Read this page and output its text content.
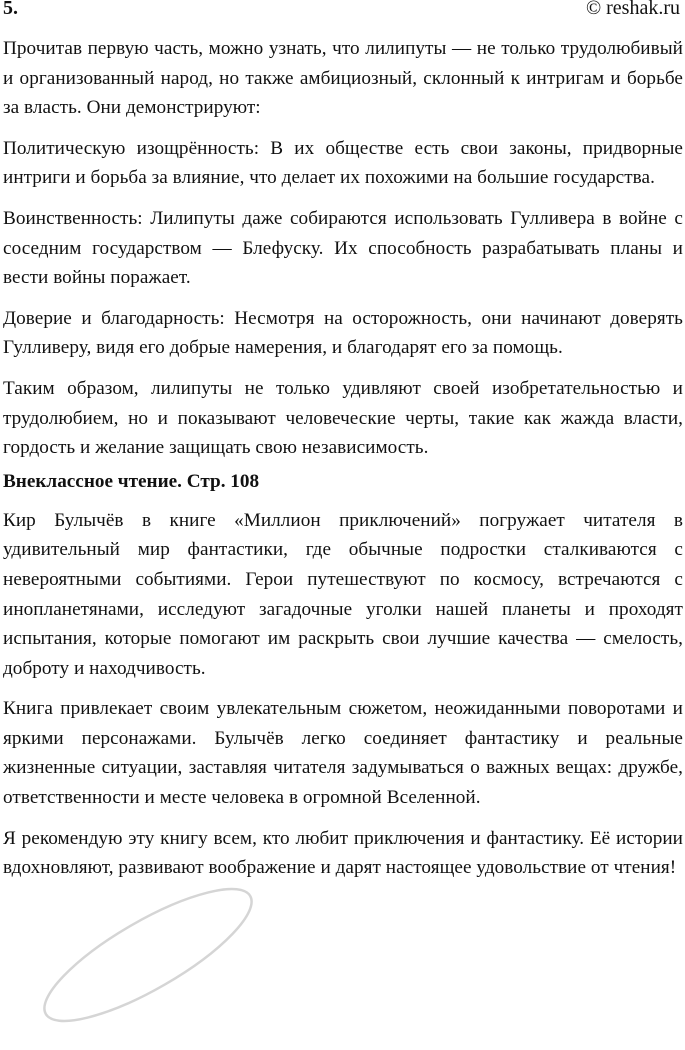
5.	© reshak.ru

Прочитав первую часть, можно узнать, что лилипуты — не только трудолюбивый и организованный народ, но также амбициозный, склонный к интригам и борьбе за власть. Они демонстрируют:

Политическую изощрённость: В их обществе есть свои законы, придворные интриги и борьба за влияние, что делает их похожими на большие государства.

Воинственность: Лилипуты даже собираются использовать Гулливера в войне с соседним государством — Блефуску. Их способность разрабатывать планы и вести войны поражает.

Доверие и благодарность: Несмотря на осторожность, они начинают доверять Гулливеру, видя его добрые намерения, и благодарят его за помощь.

Таким образом, лилипуты не только удивляют своей изобретательностью и трудолюбием, но и показывают человеческие черты, такие как жажда власти, гордость и желание защищать свою независимость.

Внеклассное чтение. Стр. 108

Кир Булычёв в книге «Миллион приключений» погружает читателя в удивительный мир фантастики, где обычные подростки сталкиваются с невероятными событиями. Герои путешествуют по космосу, встречаются с инопланетянами, исследуют загадочные уголки нашей планеты и проходят испытания, которые помогают им раскрыть свои лучшие качества — смелость, доброту и находчивость.

Книга привлекает своим увлекательным сюжетом, неожиданными поворотами и яркими персонажами. Булычёв легко соединяет фантастику и реальные жизненные ситуации, заставляя читателя задумываться о важных вещах: дружбе, ответственности и месте человека в огромной Вселенной.

Я рекомендую эту книгу всем, кто любит приключения и фантастику. Её истории вдохновляют, развивают воображение и дарят настоящее удовольствие от чтения!
